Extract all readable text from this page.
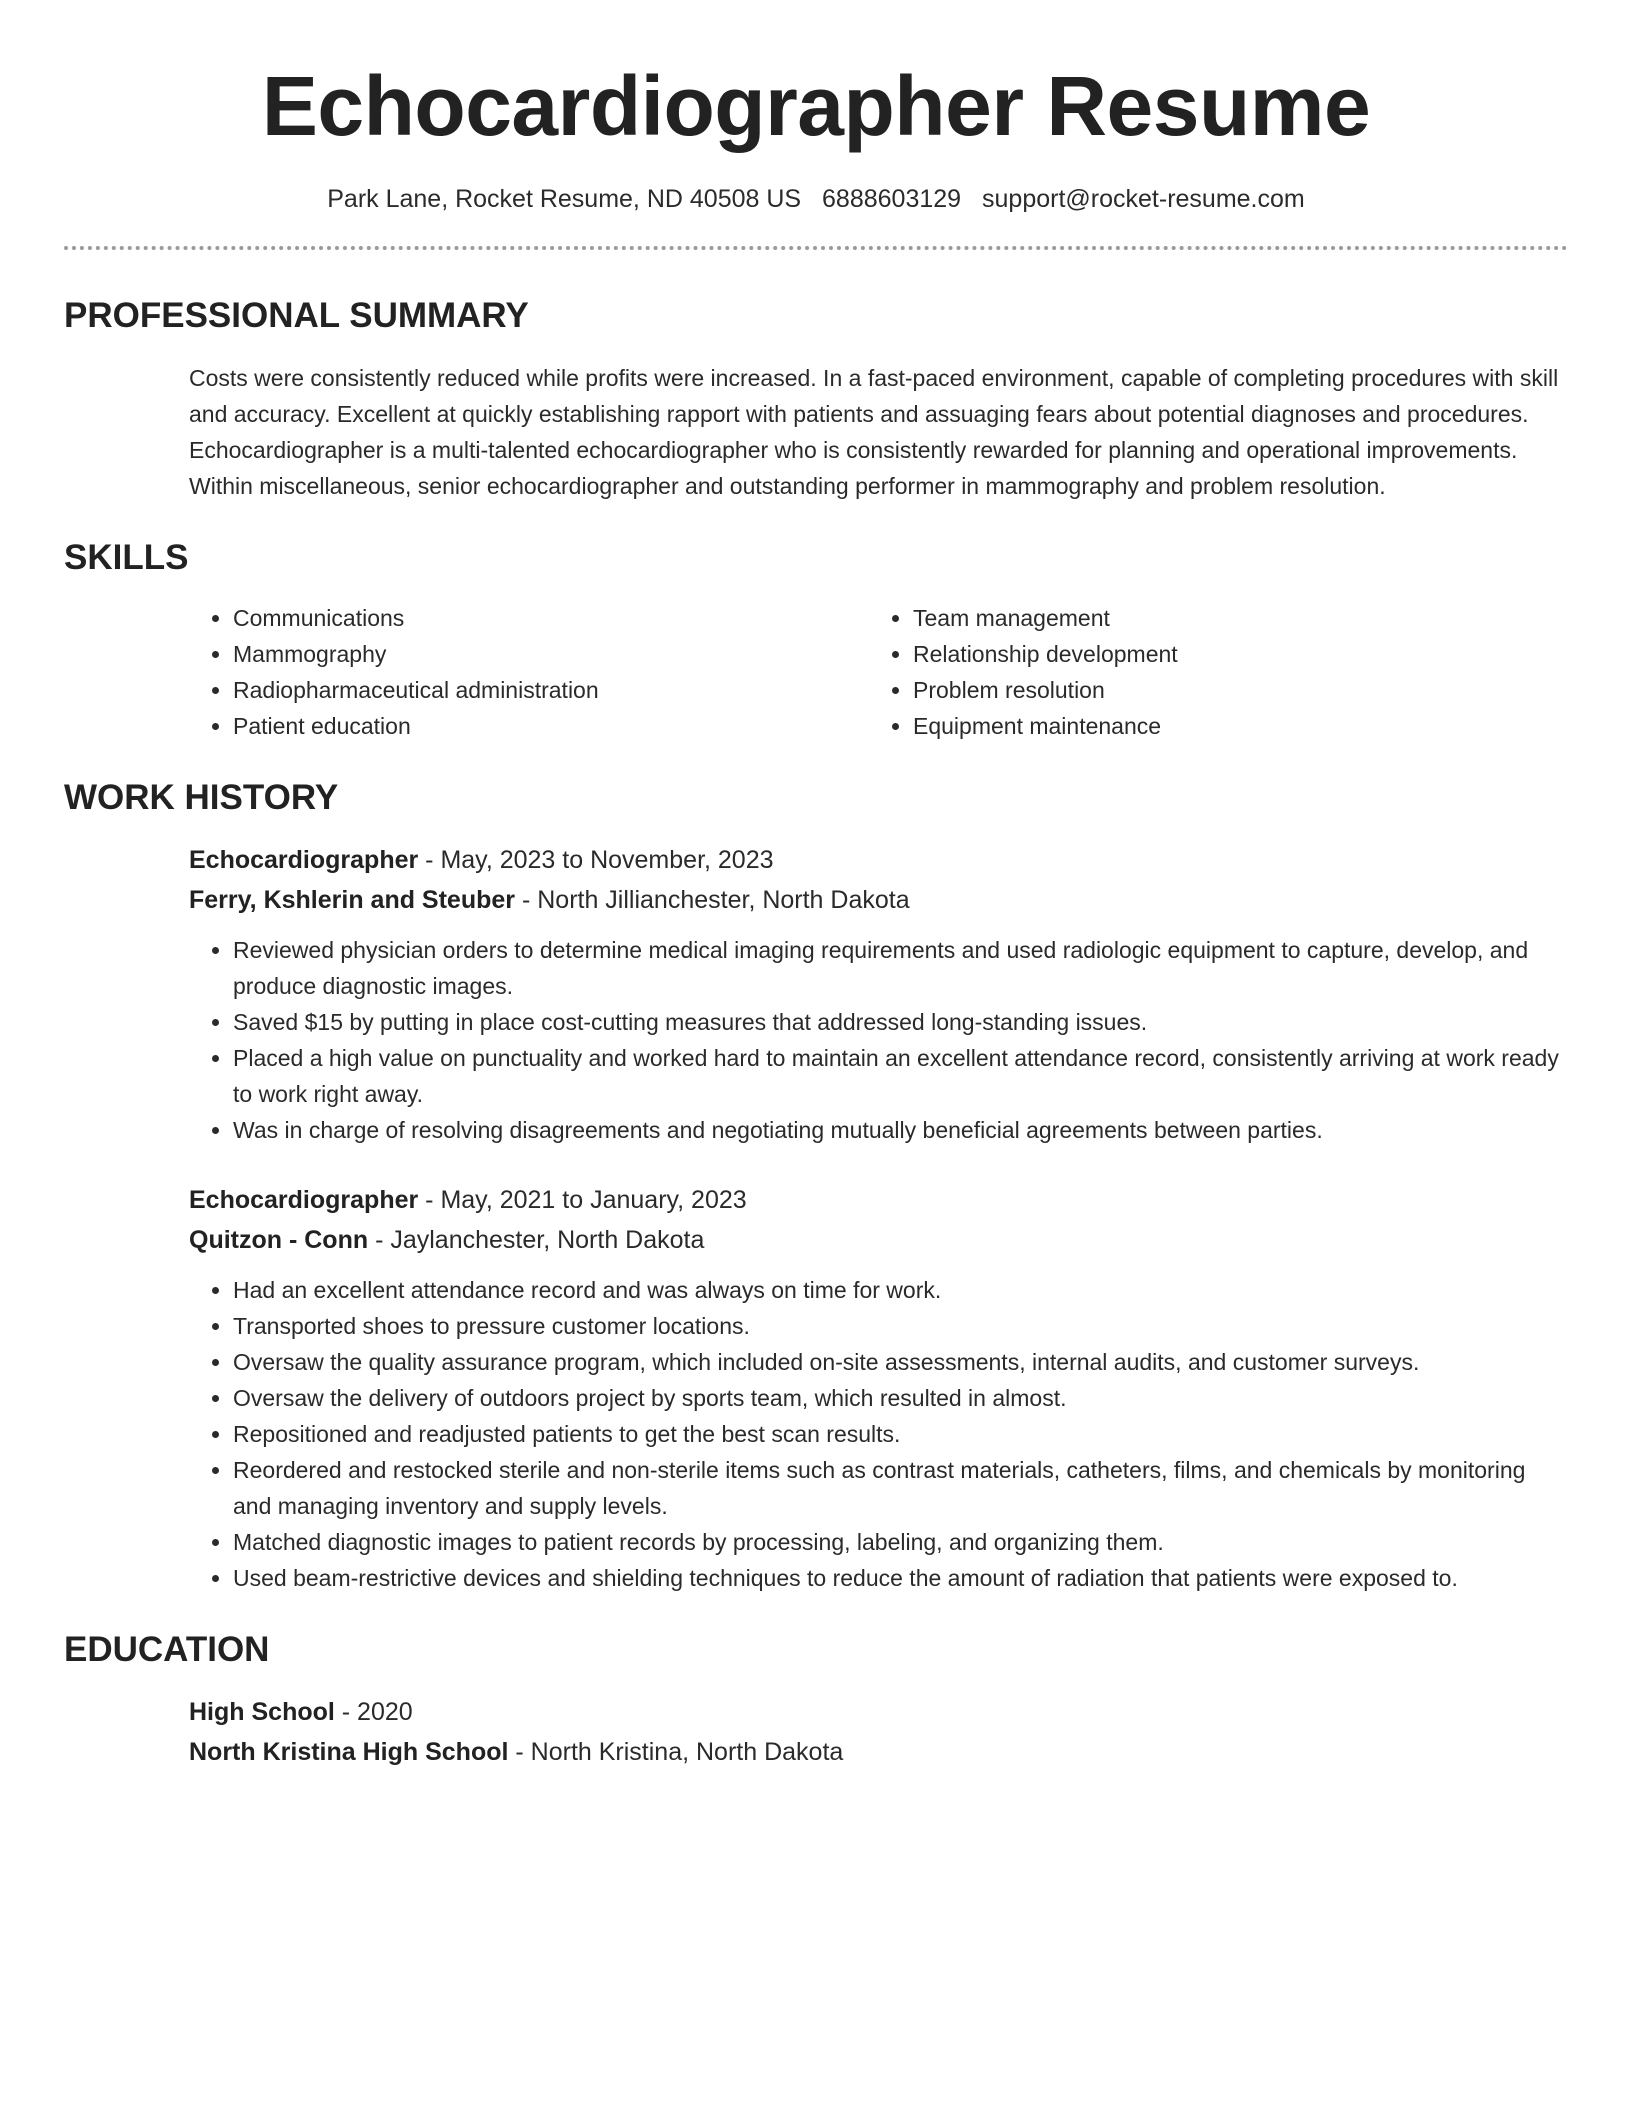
Echocardiographer Resume
Park Lane, Rocket Resume, ND 40508 US 6888603129 support@rocket-resume.com
PROFESSIONAL SUMMARY

Costs were consistently reduced while profits were increased. In a fast-paced environment, capable of completing procedures with skill and accuracy. Excellent at quickly establishing rapport with patients and assuaging fears about potential diagnoses and procedures. Echocardiographer is a multi-talented echocardiographer who is consistently rewarded for planning and operational improvements. Within miscellaneous, senior echocardiographer and outstanding performer in mammography and problem resolution.

SKILLS
• Communications
• Mammography
• Radiopharmaceutical administration
• Patient education
• Team management
• Relationship development
• Problem resolution
• Equipment maintenance
WORK HISTORY
Echocardiographer - May, 2023 to November, 2023
Ferry, Kshlerin and Steuber - North Jillianchester, North Dakota
• Reviewed physician orders to determine medical imaging requirements and used radiologic equipment to capture, develop, and produce diagnostic images.
• Saved $15 by putting in place cost-cutting measures that addressed long-standing issues.
• Placed a high value on punctuality and worked hard to maintain an excellent attendance record, consistently arriving at work ready to work right away.
• Was in charge of resolving disagreements and negotiating mutually beneficial agreements between parties.
Echocardiographer - May, 2021 to January, 2023
Quitzon - Conn - Jaylanchester, North Dakota
• Had an excellent attendance record and was always on time for work.
• Transported shoes to pressure customer locations.
• Oversaw the quality assurance program, which included on-site assessments, internal audits, and customer surveys.
• Oversaw the delivery of outdoors project by sports team, which resulted in almost.
• Repositioned and readjusted patients to get the best scan results.
• Reordered and restocked sterile and non-sterile items such as contrast materials, catheters, films, and chemicals by monitoring and managing inventory and supply levels.
• Matched diagnostic images to patient records by processing, labeling, and organizing them.
• Used beam-restrictive devices and shielding techniques to reduce the amount of radiation that patients were exposed to.
EDUCATION
High School - 2020
North Kristina High School - North Kristina, North Dakota
